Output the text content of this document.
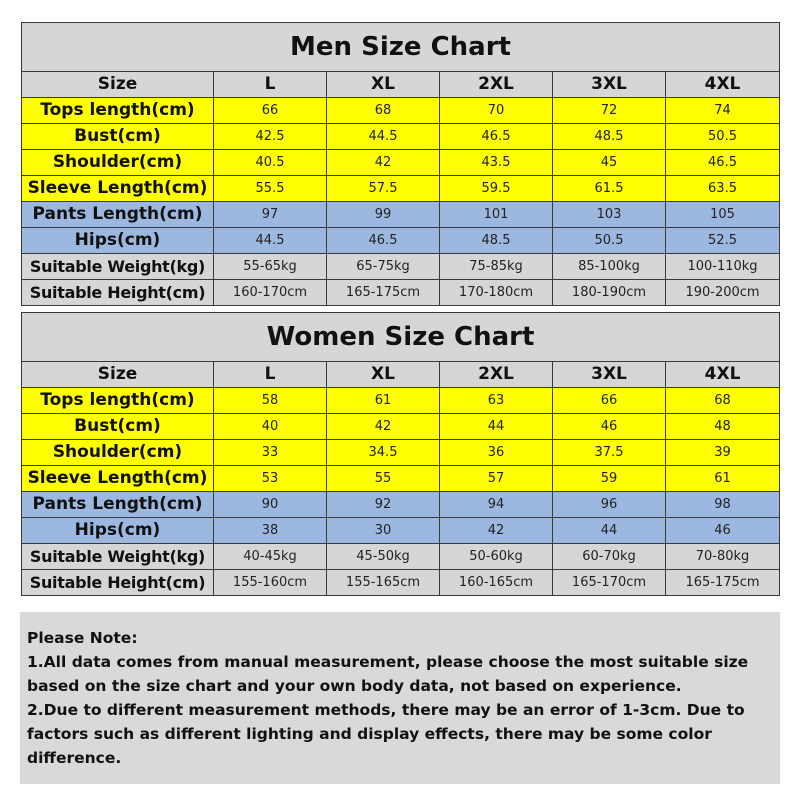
Men Size Chart					
Size	L	XL	2XL	3XL	4XL
Tops length(cm)	66	68	70	72	74
Bust(cm)	42.5	44.5	46.5	48.5	50.5
Shoulder(cm)	40.5	42	43.5	45	46.5
Sleeve Length(cm)	55.5	57.5	59.5	61.5	63.5
Pants Length(cm)	97	99	101	103	105
Hips(cm)	44.5	46.5	48.5	50.5	52.5
Suitable Weight(kg)	55-65kg	65-75kg	75-85kg	85-100kg	100-110kg
Suitable Height(cm)	160-170cm	165-175cm	170-180cm	180-190cm	190-200cm
Women Size Chart					
Size	L	XL	2XL	3XL	4XL
Tops length(cm)	58	61	63	66	68
Bust(cm)	40	42	44	46	48
Shoulder(cm)	33	34.5	36	37.5	39
Sleeve Length(cm)	53	55	57	59	61
Pants Length(cm)	90	92	94	96	98
Hips(cm)	38	30	42	44	46
Suitable Weight(kg)	40-45kg	45-50kg	50-60kg	60-70kg	70-80kg
Suitable Height(cm)	155-160cm	155-165cm	160-165cm	165-170cm	165-175cm

Please Note:

1.All data comes from manual measurement, please choose the most suitable size based on the size chart and your own body data, not based on experience.

2.Due to different measurement methods, there may be an error of 1-3cm. Due to factors such as different lighting and display effects, there may be some color difference.
